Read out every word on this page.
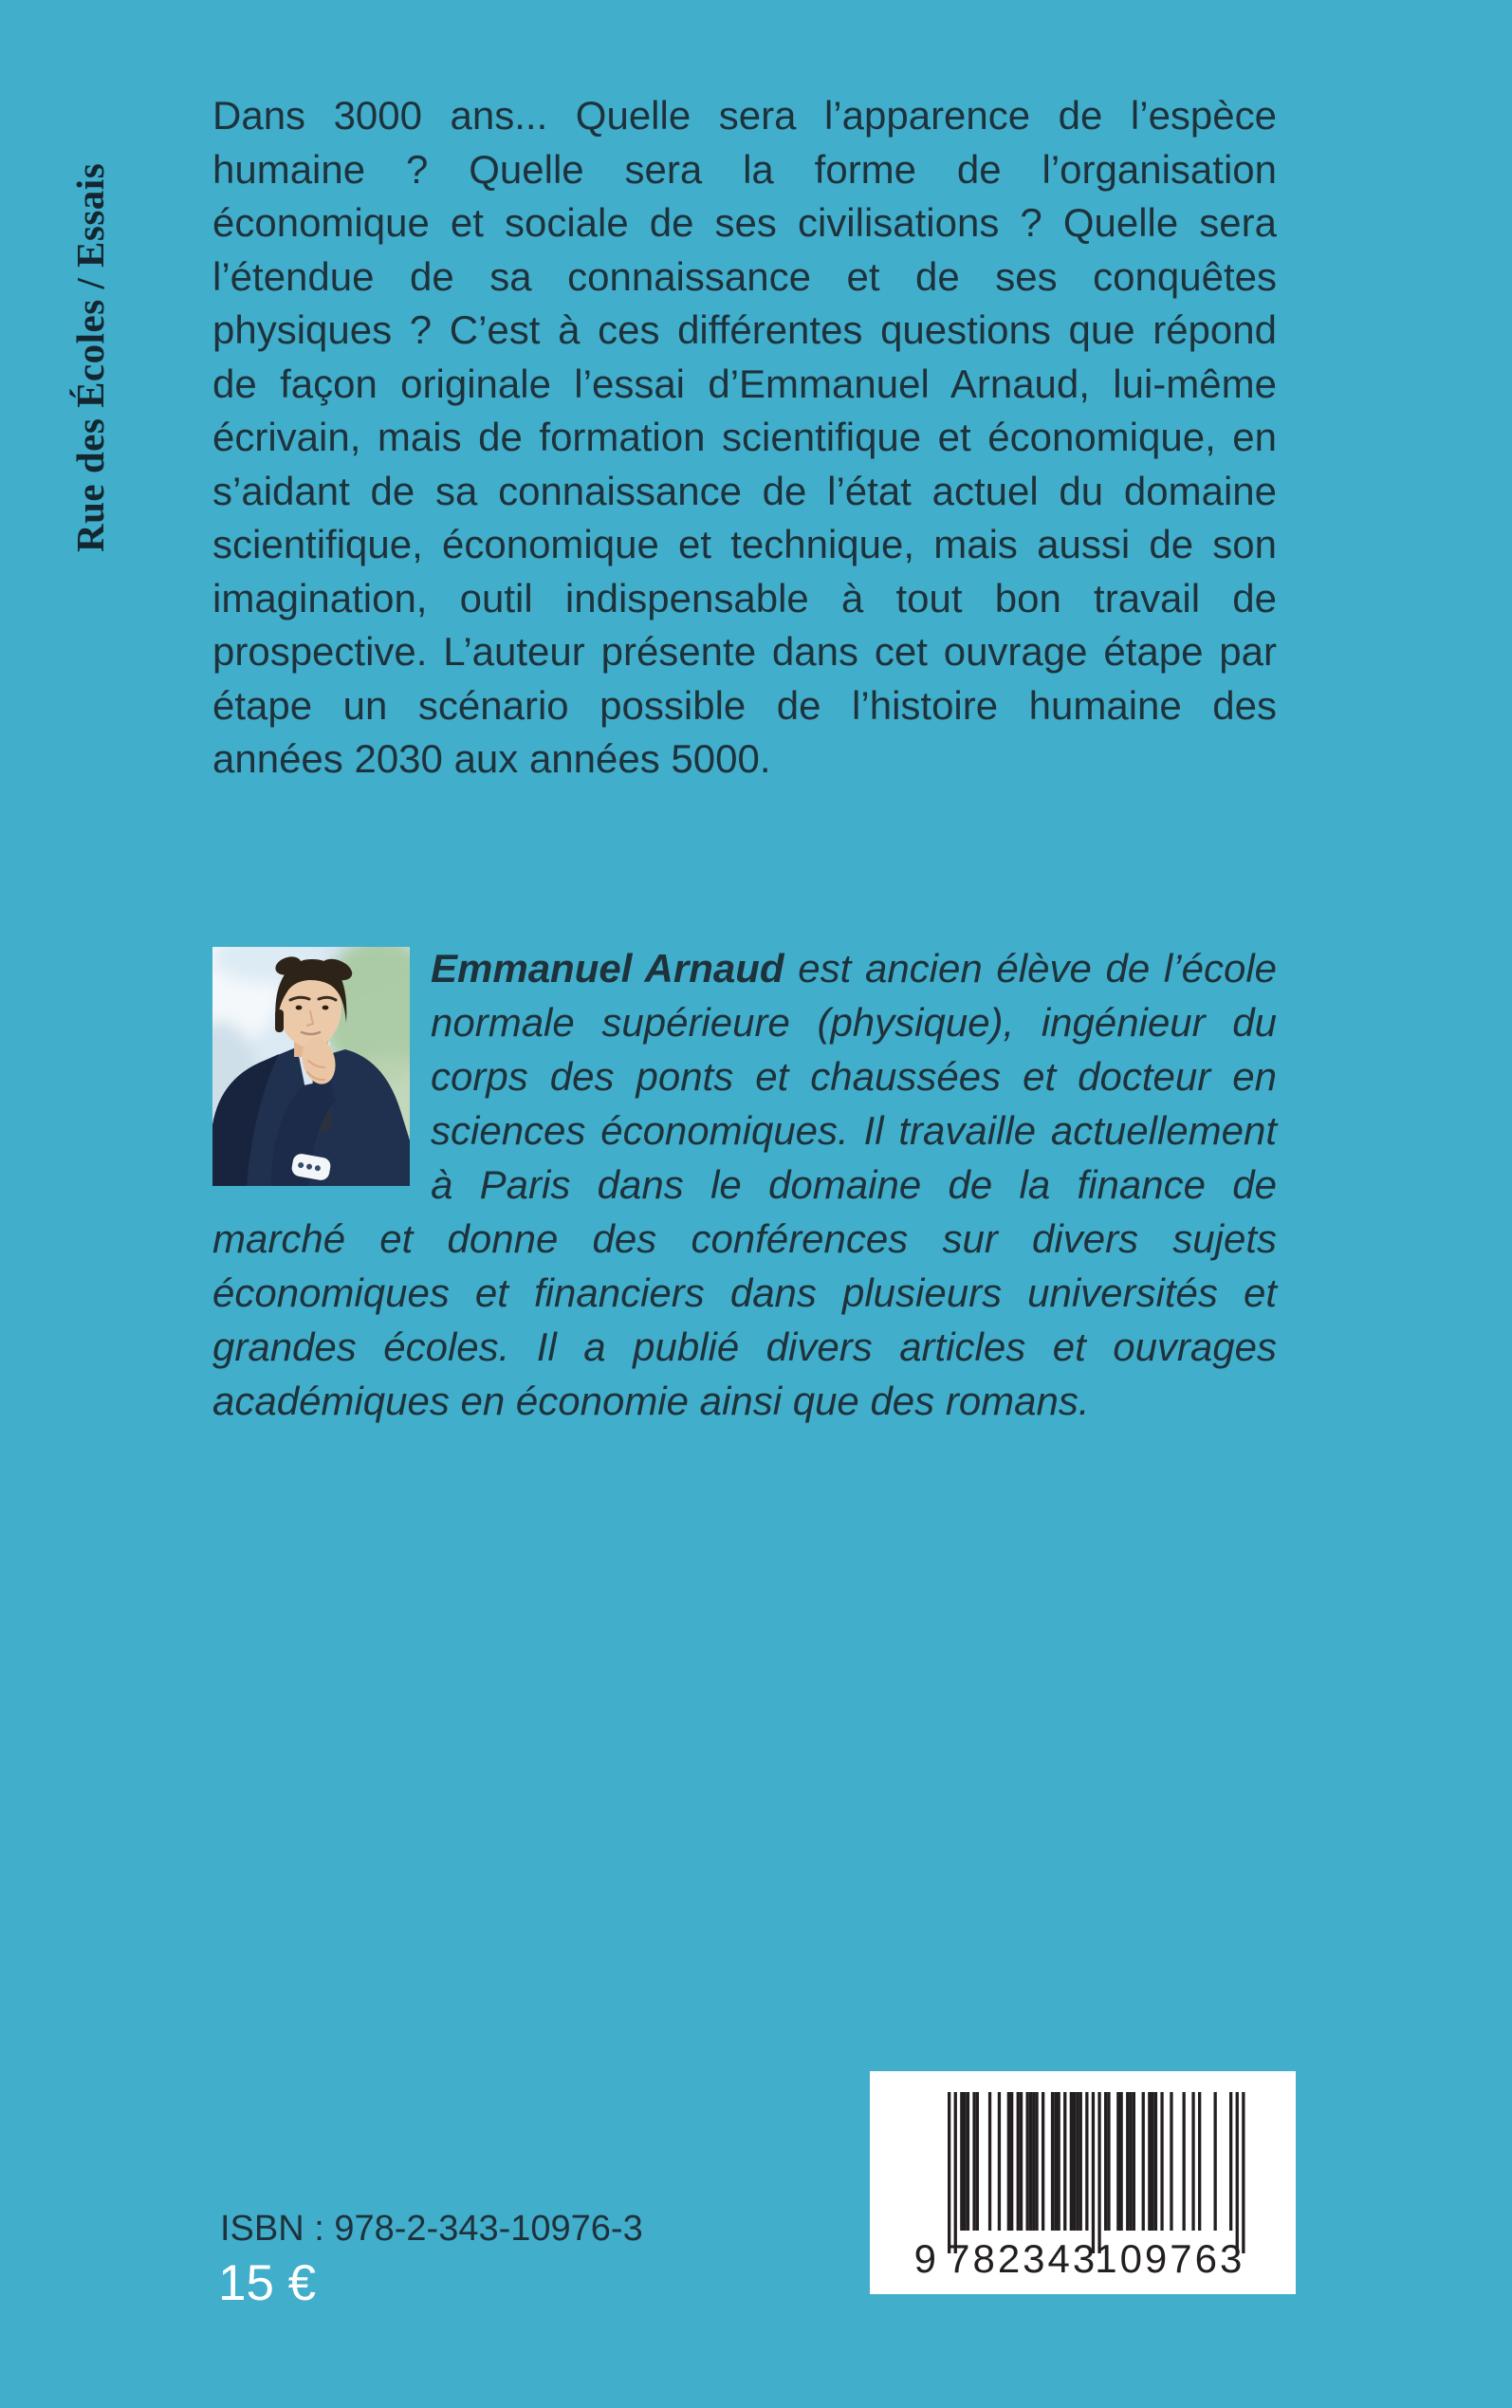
Rue des Écoles / Essais
Dans 3000 ans... Quelle sera l’apparence de l’espèce humaine ? Quelle sera la forme de l’organisation économique et sociale de ses civilisations ? Quelle sera l’étendue de sa connaissance et de ses conquêtes physiques ? C’est à ces différentes questions que répond de façon originale l’essai d’Emmanuel Arnaud, lui-même écrivain, mais de formation scientifique et économique, en s’aidant de sa connaissance de l’état actuel du domaine scientifique, économique et technique, mais aussi de son imagination, outil indispensable à tout bon travail de prospective. L’auteur présente dans cet ouvrage étape par étape un scénario possible de l’histoire humaine des années 2030 aux années 5000.
Emmanuel Arnaud est ancien élève de l’école normale supérieure (physique), ingénieur du corps des ponts et chaussées et docteur en sciences économiques. Il travaille actuellement à Paris dans le domaine de la finance de marché et donne des conférences sur divers sujets économiques et financiers dans plusieurs universités et grandes écoles. Il a publié divers articles et ouvrages académiques en économie ainsi que des romans.
ISBN : 978-2-343-10976-3
15 €	9 782343
109763
